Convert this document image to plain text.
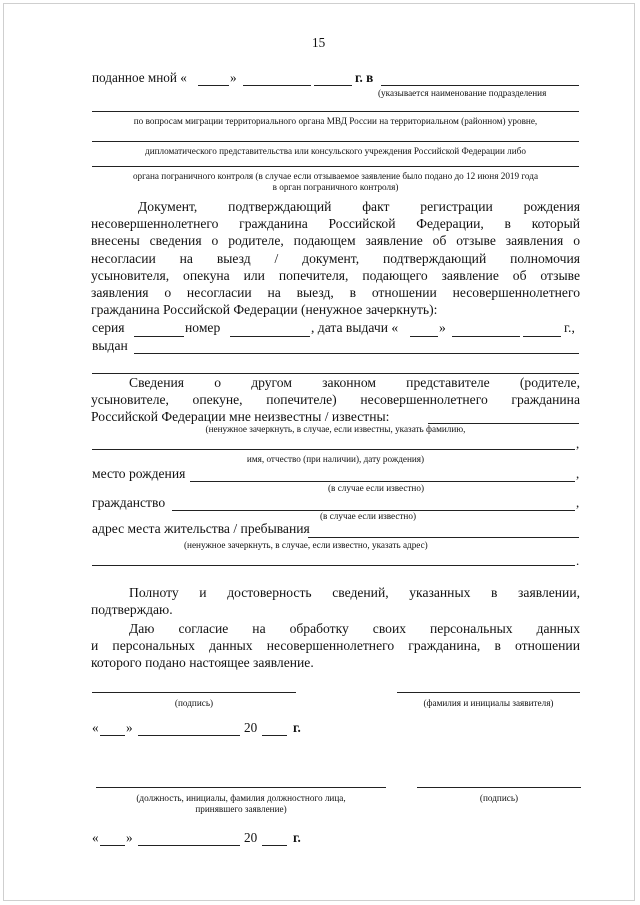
15
поданное мной «	»	г. в
(указывается наименование подразделения
по вопросам миграции территориального органа МВД России на территориальном (районном) уровне,
дипломатического представительства или консульского учреждения Российской Федерации либо
органа пограничного контроля (в случае если отзываемое заявление было подано до 12 июня 2019 года
в орган пограничного контроля)
Документ, подтверждающий факт регистрации рождения
несовершеннолетнего гражданина Российской Федерации, в который
внесены сведения о родителе, подающем заявление об отзыве заявления о
несогласии на выезд / документ, подтверждающий полномочия
усыновителя, опекуна или попечителя, подающего заявление об отзыве
заявления о несогласии на выезд, в отношении несовершеннолетнего
гражданина Российской Федерации (ненужное зачеркнуть):
серия	номер	, дата выдачи «	»	г.,
выдан
Сведения о другом законном представителе (родителе,
усыновителе, опекуне, попечителе) несовершеннолетнего гражданина
Российской Федерации мне неизвестны / известны:
(ненужное зачеркнуть, в случае, если известны, указать фамилию,
,
имя, отчество (при наличии), дату рождения)
место рождения	,
(в случае если известно)
гражданство	,
(в случае если известно)
адрес места жительства / пребывания
(ненужное зачеркнуть, в случае, если известно, указать адрес)
.
Полноту и достоверность сведений, указанных в заявлении,
подтверждаю.
Даю согласие на обработку своих персональных данных
и персональных данных несовершеннолетнего гражданина, в отношении
которого подано настоящее заявление.
(подпись)	(фамилия и инициалы заявителя)
« »	20	г.
(должность, инициалы, фамилия должностного лица,
принявшего заявление)
(подпись)
« »	20	г.
